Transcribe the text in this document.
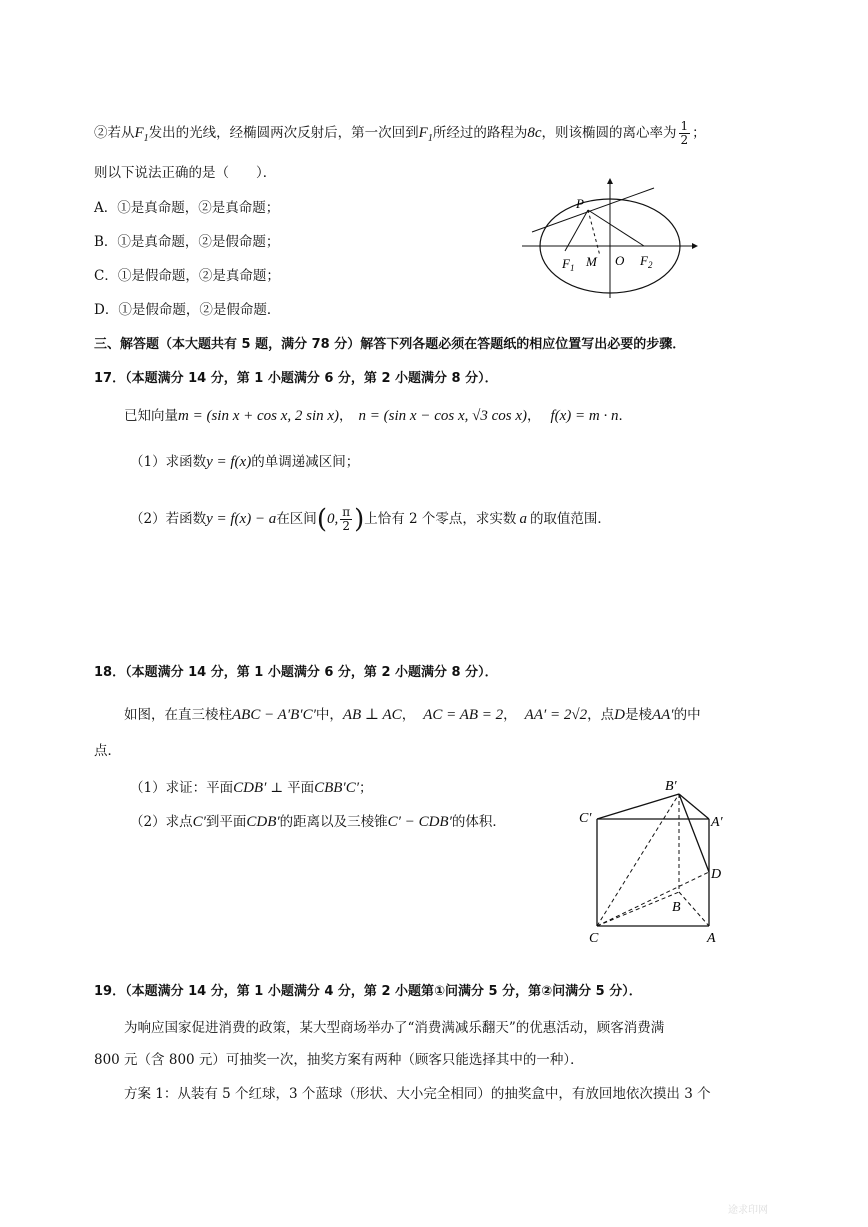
②若从$F_1$发出的光线，经椭圆两次反射后，第一次回到$F_1$所经过的路程为8c，则该椭圆的离心率为 $\frac{1}{2}$ ；
则以下说法正确的是（　　）．
A．①是真命题，②是真命题；
B．①是真命题，②是假命题；
C．①是假命题，②是真命题；
D．①是假命题，②是假命题．
P
$F_1$ M O $F_2$
三、解答题（本大题共有 5 题，满分 78 分）解答下列各题必须在答题纸的相应位置写出必要的步骤．
17．（本题满分 14 分，第 1 小题满分 6 分，第 2 小题满分 8 分）．
已知向量m = (sin x + cos x, 2 sin x)， n = (sin x − cos x, √3 cos x)， f(x) = m · n．
（1）求函数y = f(x)的单调递减区间；
（2）若函数y = f(x) − a在区间(0, $\frac{\pi}{2}$ )上恰有 2 个零点，求实数 a 的取值范围．
18．（本题满分 14 分，第 1 小题满分 6 分，第 2 小题满分 8 分）．
如图，在直三棱柱ABC − A′B′C′中，AB ⊥ AC， AC = AB = 2， AA′ = 2√2，点D是棱AA′的中
点．
（1）求证：平面CDB′ ⊥ 平面CBB′C′；
（2）求点C′到平面CDB′的距离以及三棱锥C′ − CDB′的体积．
B′
C′	A′
D
B
C	A
19．（本题满分 14 分，第 1 小题满分 4 分，第 2 小题第①问满分 5 分，第②问满分 5 分）．
为响应国家促进消费的政策，某大型商场举办了“消费满减乐翻天”的优惠活动，顾客消费满
800 元（含 800 元）可抽奖一次，抽奖方案有两种（顾客只能选择其中的一种）．
方案 1：从装有 5 个红球，3 个蓝球（形状、大小完全相同）的抽奖盒中，有放回地依次摸出 3 个
途求印网
